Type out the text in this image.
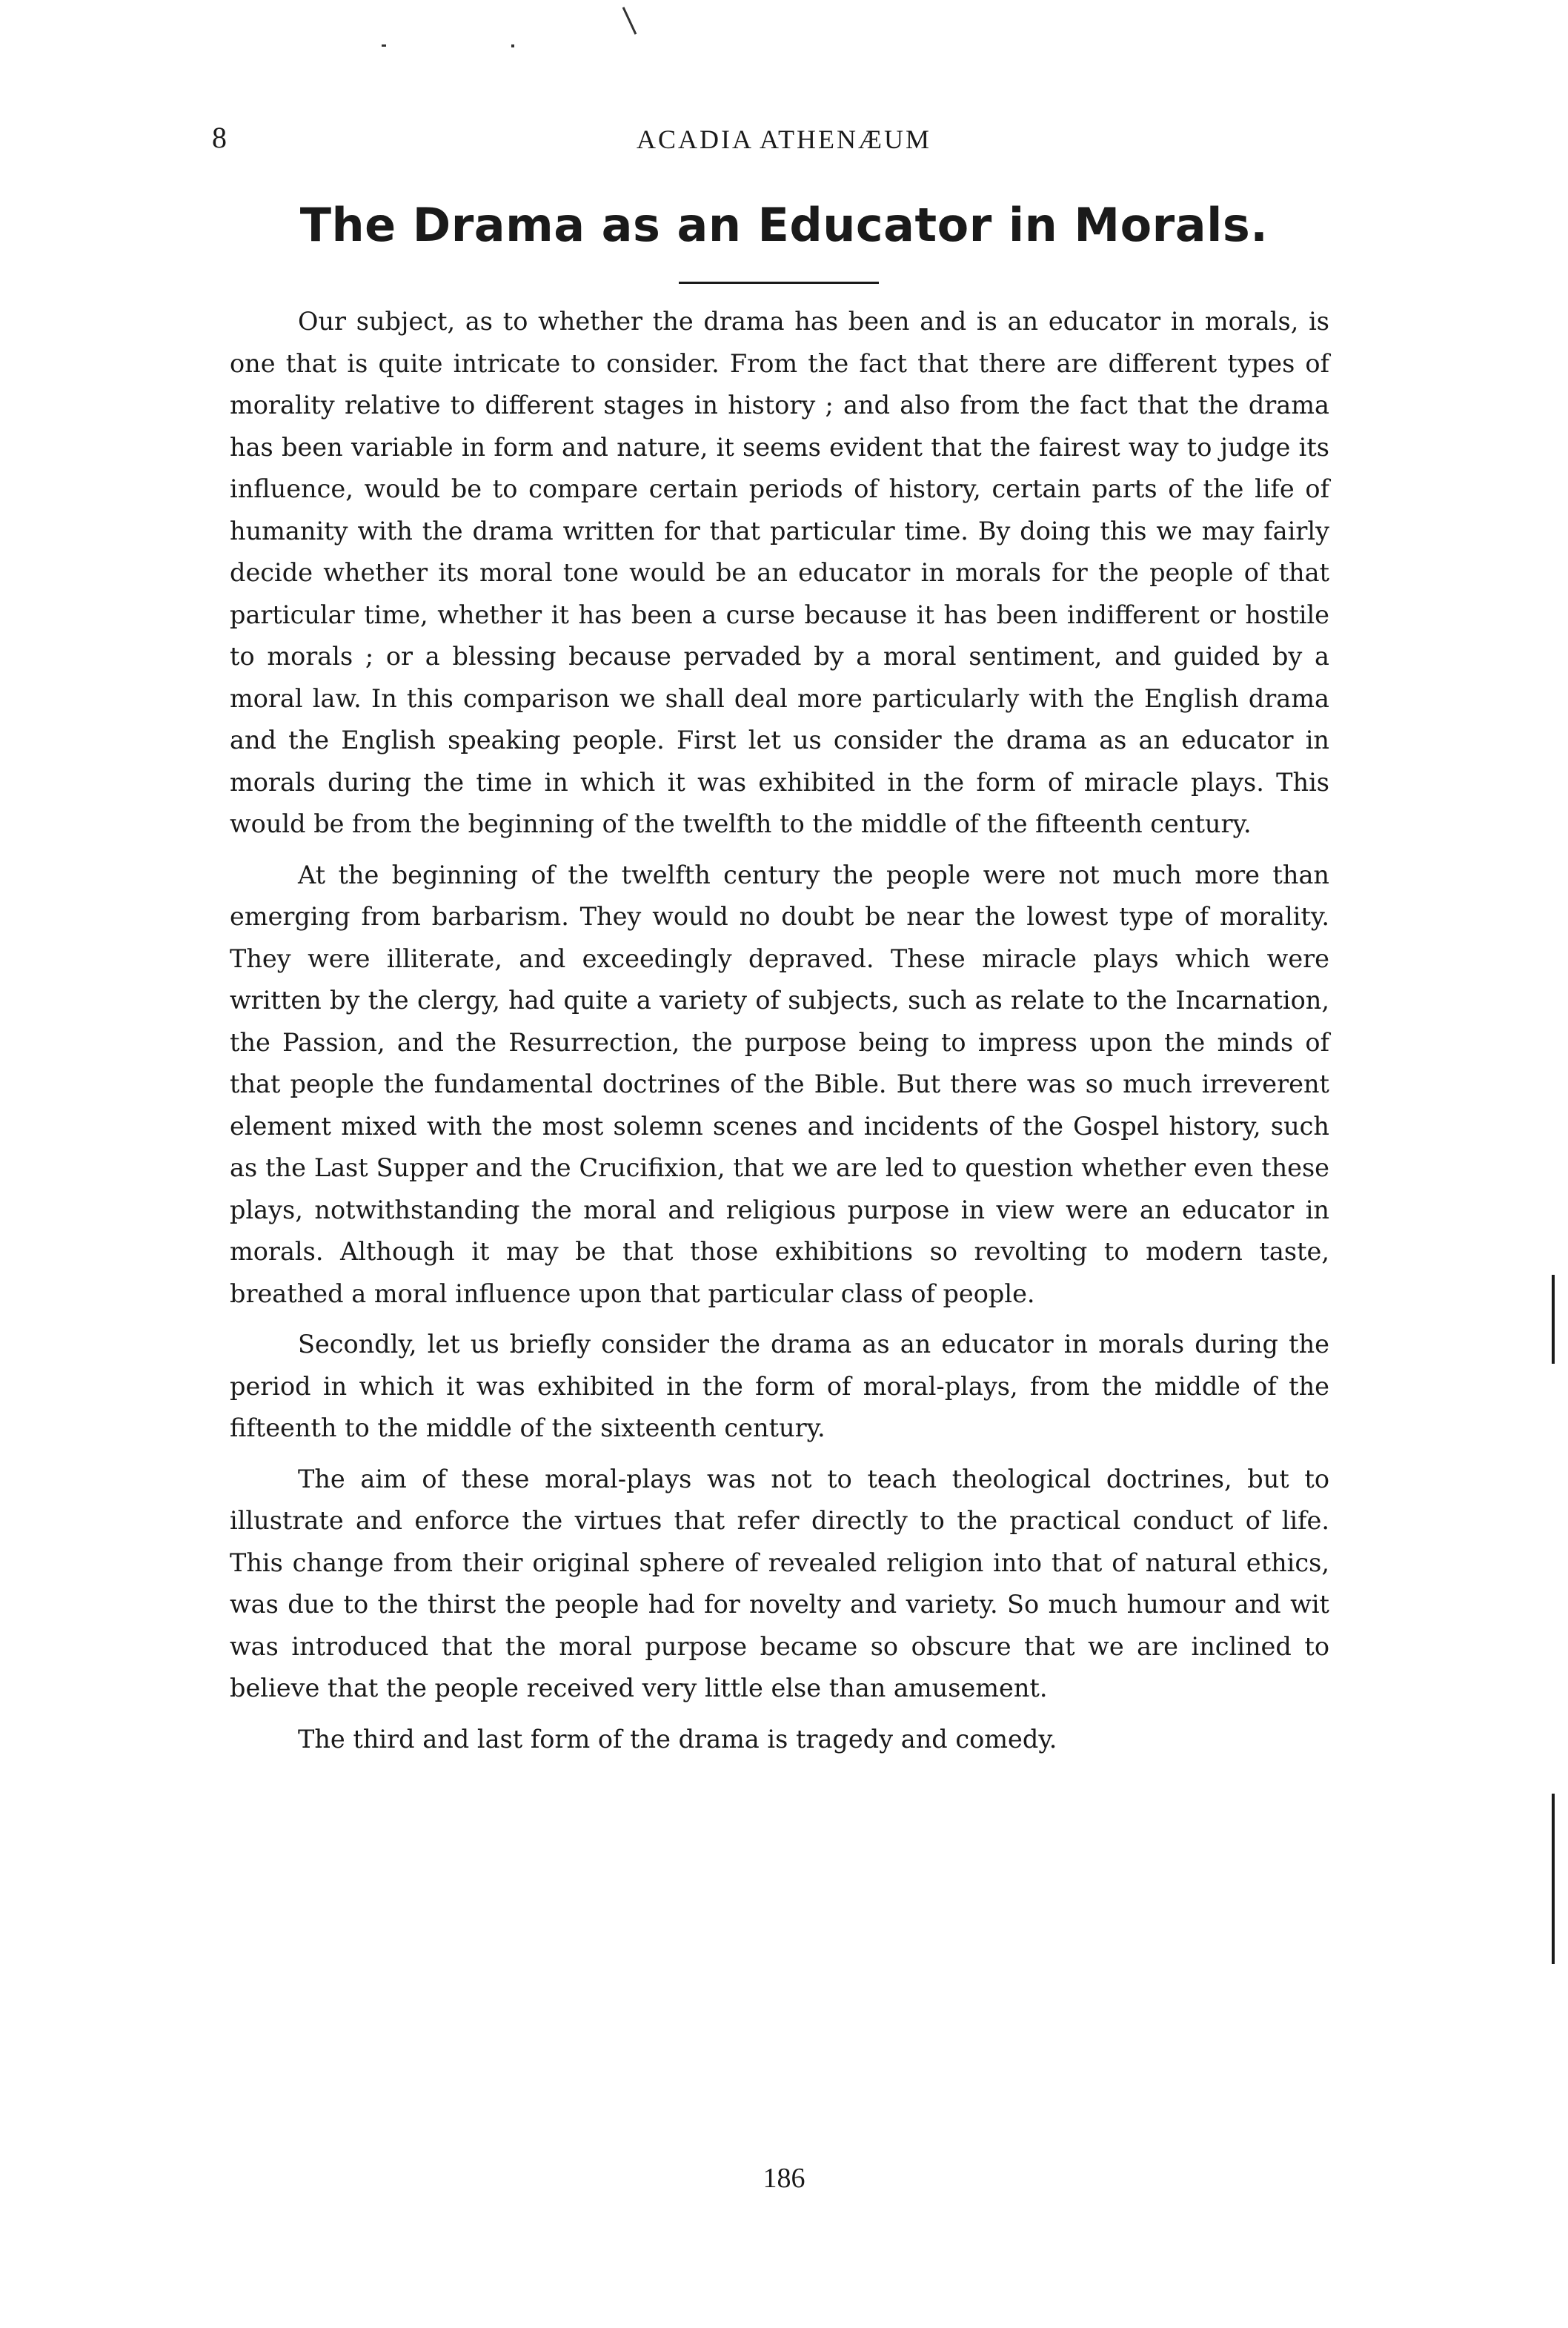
8	ACADIA ATHENÆUM
The Drama as an Educator in Morals.

Our subject, as to whether the drama has been and is an educator in morals, is one that is quite intricate to consider. From the fact that there are different types of morality relative to different stages in history ; and also from the fact that the drama has been variable in form and nature, it seems evident that the fairest way to judge its influence, would be to compare certain periods of history, certain parts of the life of humanity with the drama written for that particular time. By doing this we may fairly decide whether its moral tone would be an educator in morals for the people of that particular time, whether it has been a curse because it has been indifferent or hostile to morals ; or a blessing because pervaded by a moral sentiment, and guided by a moral law. In this comparison we shall deal more particularly with the English drama and the English speaking people. First let us consider the drama as an educator in morals during the time in which it was exhibited in the form of miracle plays. This would be from the beginning of the twelfth to the middle of the fifteenth century.

At the beginning of the twelfth century the people were not much more than emerging from barbarism. They would no doubt be near the lowest type of morality. They were illiterate, and exceedingly depraved. These miracle plays which were written by the clergy, had quite a variety of subjects, such as relate to the Incarnation, the Passion, and the Resurrection, the purpose being to impress upon the minds of that people the fundamental doctrines of the Bible. But there was so much irreverent element mixed with the most solemn scenes and incidents of the Gospel history, such as the Last Supper and the Crucifixion, that we are led to question whether even these plays, notwithstanding the moral and religious purpose in view were an educator in morals. Although it may be that those exhibitions so revolting to modern taste, breathed a moral influence upon that particular class of people.

Secondly, let us briefly consider the drama as an educator in morals during the period in which it was exhibited in the form of moral-plays, from the middle of the fifteenth to the middle of the sixteenth century.

The aim of these moral-plays was not to teach theological doctrines, but to illustrate and enforce the virtues that refer directly to the practical conduct of life. This change from their original sphere of revealed religion into that of natural ethics, was due to the thirst the people had for novelty and variety. So much humour and wit was introduced that the moral purpose became so obscure that we are inclined to believe that the people received very little else than amusement.

The third and last form of the drama is tragedy and comedy.

186
